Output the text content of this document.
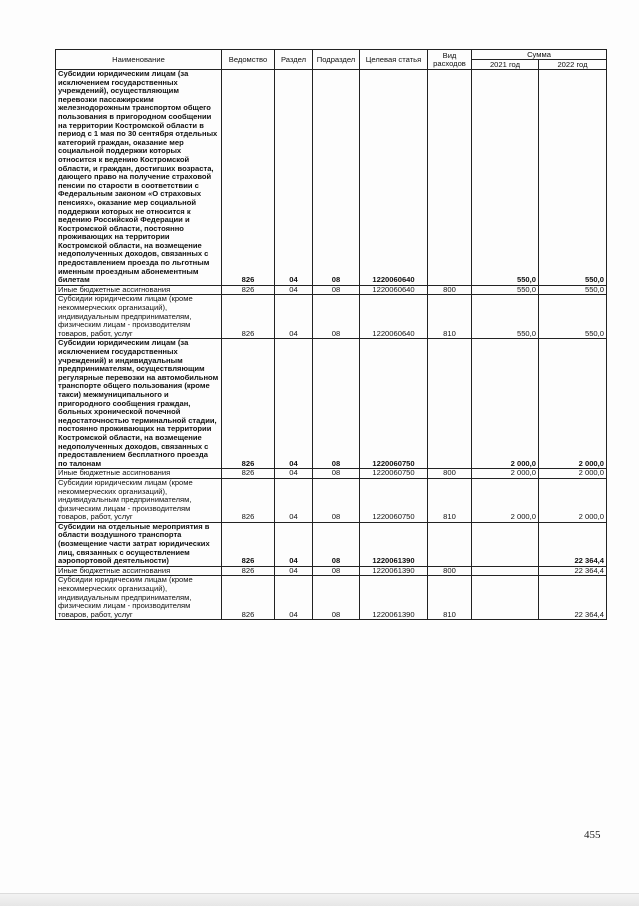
Наименование	Ведомство	Раздел	Подраздел	Целевая статья	Вид расходов	Сумма	
						2021 год	2022 год
Субсидии юридическим лицам (за исключением государственных учреждений), осуществляющим перевозки пассажирским железнодорожным транспортом общего пользования в пригородном сообщении на территории Костромской области в период с 1 мая по 30 сентября отдельных категорий граждан, оказание мер социальной поддержки которых относится к ведению Костромской области, и граждан, достигших возраста, дающего право на получение страховой пенсии по старости в соответствии с Федеральным законом «О страховых пенсиях», оказание мер социальной поддержки которых не относится к ведению Российской Федерации и Костромской области, постоянно проживающих на территории Костромской области, на возмещение недополученных доходов, связанных с предоставлением проезда по льготным именным проездным абонементным билетам	826	04	08	1220060640		550,0	550,0
Иные бюджетные ассигнования	826	04	08	1220060640	800	550,0	550,0
Субсидии юридическим лицам (кроме некоммерческих организаций), индивидуальным предпринимателям, физическим лицам - производителям товаров, работ, услуг	826	04	08	1220060640	810	550,0	550,0
Субсидии юридическим лицам (за исключением государственных учреждений) и индивидуальным предпринимателям, осуществляющим регулярные перевозки на автомобильном транспорте общего пользования (кроме такси) межмуниципального и пригородного сообщения граждан, больных хронической почечной недостаточностью терминальной стадии, постоянно проживающих на территории Костромской области, на возмещение недополученных доходов, связанных с предоставлением бесплатного проезда по талонам	826	04	08	1220060750		2 000,0	2 000,0
Иные бюджетные ассигнования	826	04	08	1220060750	800	2 000,0	2 000,0
Субсидии юридическим лицам (кроме некоммерческих организаций), индивидуальным предпринимателям, физическим лицам - производителям товаров, работ, услуг	826	04	08	1220060750	810	2 000,0	2 000,0
Субсидии на отдельные мероприятия в области воздушного транспорта (возмещение части затрат юридических лиц, связанных с осуществлением аэропортовой деятельности)	826	04	08	1220061390			22 364,4
Иные бюджетные ассигнования	826	04	08	1220061390	800		22 364,4
Субсидии юридическим лицам (кроме некоммерческих организаций), индивидуальным предпринимателям, физическим лицам - производителям товаров, работ, услуг	826	04	08	1220061390	810		22 364,4
455
